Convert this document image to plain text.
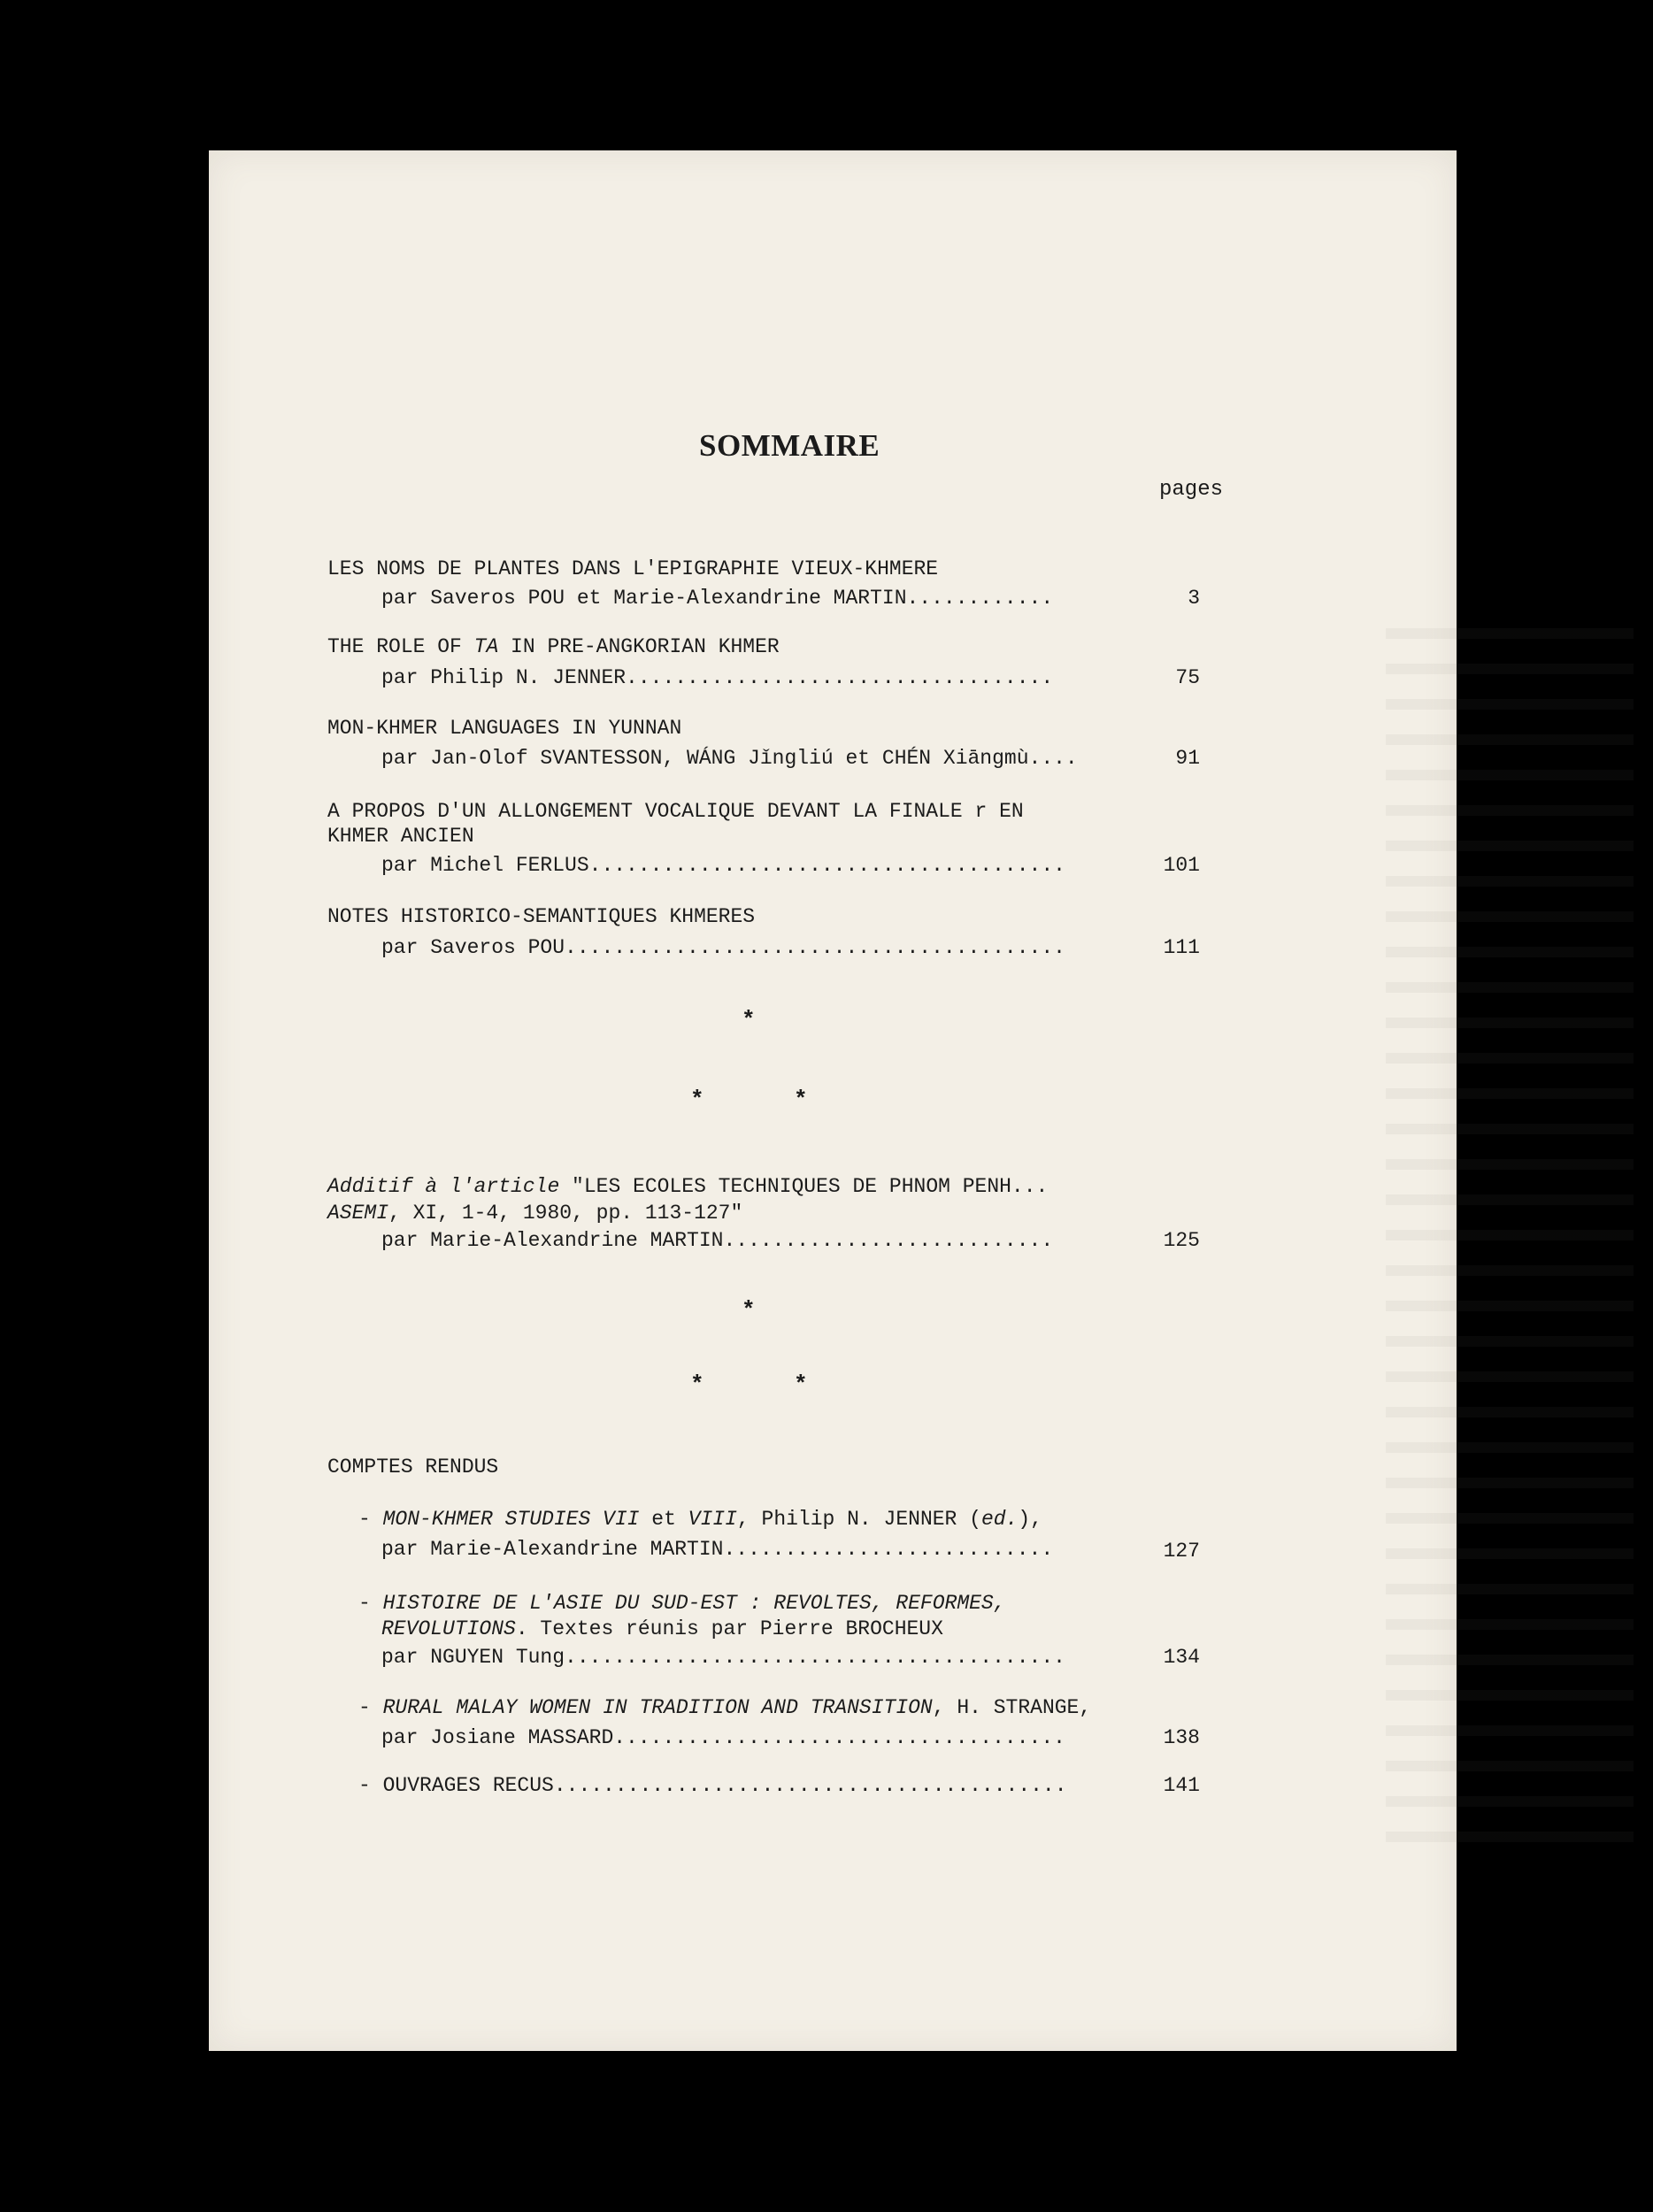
SOMMAIRE
pages
LES NOMS DE PLANTES DANS L'EPIGRAPHIE VIEUX-KHMERE
par Saveros POU et Marie-Alexandrine MARTIN............	3
THE ROLE OF TA IN PRE-ANGKORIAN KHMER
par Philip N. JENNER...................................	75
MON-KHMER LANGUAGES IN YUNNAN
par Jan-Olof SVANTESSON, WÁNG Jǐngliú et CHÉN Xiāngmù....	91
A PROPOS D'UN ALLONGEMENT VOCALIQUE DEVANT LA FINALE r EN
KHMER ANCIEN
par Michel FERLUS.......................................	101
NOTES HISTORICO-SEMANTIQUES KHMERES
par Saveros POU.........................................	111
*
*	*
Additif à l'article "LES ECOLES TECHNIQUES DE PHNOM PENH...
ASEMI, XI, 1-4, 1980, pp. 113-127"
par Marie-Alexandrine MARTIN...........................	125
*
*	*
COMPTES RENDUS
- MON-KHMER STUDIES VII et VIII, Philip N. JENNER (ed.),
par Marie-Alexandrine MARTIN...........................	127
- HISTOIRE DE L'ASIE DU SUD-EST : REVOLTES, REFORMES,
REVOLUTIONS. Textes réunis par Pierre BROCHEUX
par NGUYEN Tung.........................................	134
- RURAL MALAY WOMEN IN TRADITION AND TRANSITION, H. STRANGE,
par Josiane MASSARD.....................................	138
- OUVRAGES RECUS..........................................	141
